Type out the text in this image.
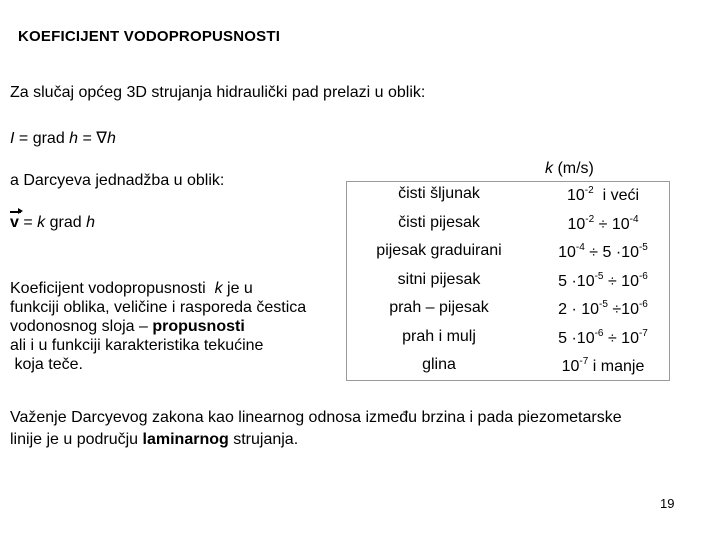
KOEFICIJENT VODOPROPUSNOSTI
Za slučaj općeg 3D strujanja hidraulički pad prelazi u oblik:
I = grad h = ∇h
a Darcyeva jednadžba u oblik:
v = k grad h
Koeficijent vodopropusnosti  k je u
funkciji oblika, veličine i rasporeda čestica
vodonosnog sloja – propusnosti
ali i u funkciji karakteristika tekućine
koja teče.
k (m/s)
čisti šljunak	$10^{-2}$  i veći
čisti pijesak	$10^{-2} \div 10^{-4}$
pijesak graduirani	$10^{-4} \div 5 \cdot 10^{-5}$
sitni pijesak	$5 \cdot 10^{-5} \div 10^{-6}$
prah – pijesak	$2 \cdot 10^{-5} \div 10^{-6}$
prah i mulj	$5 \cdot 10^{-6} \div 10^{-7}$
glina	$10^{-7}$ i manje
Važenje Darcyevog zakona kao linearnog odnosa između brzina i pada piezometarske
linije je u području laminarnog strujanja.
19
